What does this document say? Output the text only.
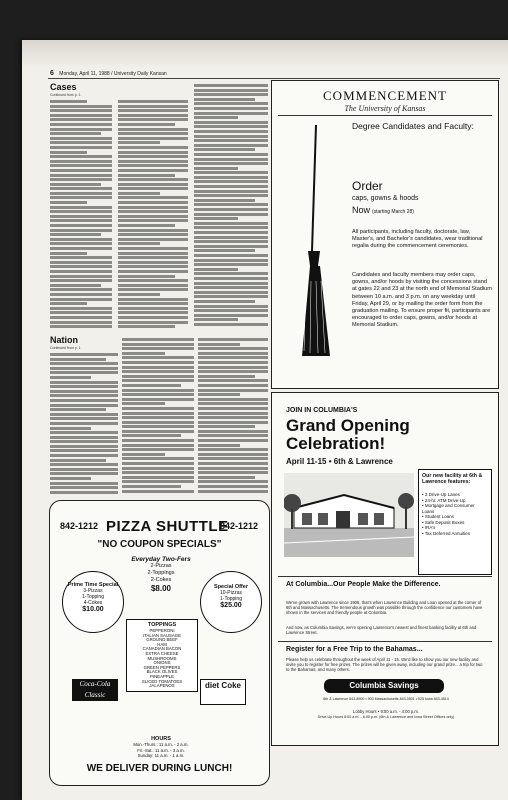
6 Monday, April 11, 1988 / University Daily Kansan
Cases
Continued from p. 1
Nation
Continued from p. 1
COMMENCEMENT
The University of Kansas
Degree Candidates and Faculty:
Order
caps, gowns & hoods
Now (starting March 28)
All participants, including faculty, doctorate, law, Master's, and Bachelor's candidates, wear traditional regalia during the commencement ceremonies.
Candidates and faculty members may order caps, gowns, and/or hoods by visiting the concessions stand at gates 22 and 23 at the north end of Memorial Stadium between 10 a.m. and 3 p.m. on any weekday until Friday, April 29, or by mailing the order form from the graduation mailing. To ensure proper fit, participants are encouraged to order caps, gowns, and/or hoods at Memorial Stadium.
842-1212 PIZZA SHUTTLE
842-1212
"NO COUPON SPECIALS"
Everyday Two-Fers
2-Pizzas
2-Toppings
2-Cokes
$8.00
Prime Time Special
3-Pizzas
1-Topping
4-Cokes
$10.00
Special Offer
10-Pizzas
1-Topping
$25.00
TOPPINGS
PEPPERONI
ITALIAN SAUSAGE
GROUND BEEF
HAM
CANADIAN BACON
EXTRA CHEESE
MUSHROOMS
ONIONS
GREEN PEPPERS
BLACK OLIVES
PINEAPPLE
SLICED TOMATOES
JALAPENOS
Coca-Cola Classic
diet Coke
HOURS
Mon.-Thurs.: 11 a.m. - 2 a.m.
Fri.-Sat.: 11 a.m. - 3 a.m.
Sunday: 11 a.m. - 1 a.m.
WE DELIVER DURING LUNCH!
JOIN IN COLUMBIA'S
Grand Opening
Celebration!
April 11-15 • 6th & Lawrence
Our new facility at 6th & Lawrence features:
• 3 Drive-Up Lanes
• 24-hr. ATM Drive-Up
• Mortgage and Consumer Loans
• Student Loans
• Safe Deposit Boxes
• IRA's
• Tax Deferred Annuities
At Columbia...Our People Make the Difference.
We've grown with Lawrence since 1908, that's when Lawrence Building and Loan opened at the corner of 6th and Massachusetts. The tremendous growth was possible through the confidence our customers have shown in the services and friendly people at Columbia.
And now, as Columbia Savings, we're opening Lawrence's newest and finest banking facility at 6th and Lawrence Street.
Register for a Free Trip to the Bahamas...
Please help us celebrate throughout the week of April 11 - 15. We'd like to show you our new facility and invite you to register for free prizes. The prizes will be given away, including our grand prize... a trip for two to the Bahamas, and many others.
Columbia Savings
6th & Lawrence 843-8900 • 900 Massachusetts 843-0501 • 925 Iowa 843-4514
Lobby Hours • 9:00 a.m. - 4:00 p.m.
Drive-Up Hours 8:00 a.m. - 6:00 p.m. (6th & Lawrence and Iowa Street Offices only)
